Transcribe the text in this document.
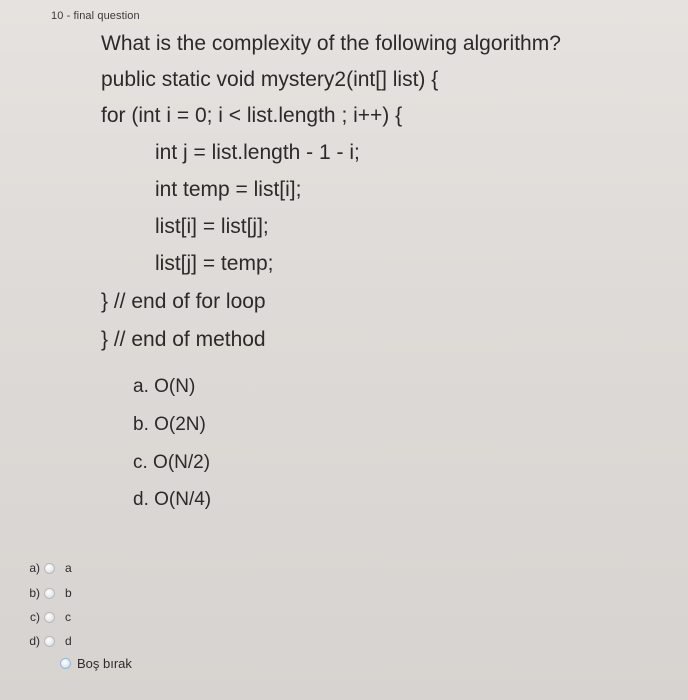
10 - final question
What is the complexity of the following algorithm?
public static void mystery2(int[] list) {
for (int i = 0; i < list.length ; i++) {
int j = list.length - 1 - i;
int temp = list[i];
list[i] = list[j];
list[j] = temp;
} // end of for loop
} // end of method
a. O(N)
b. O(2N)
c. O(N/2)
d. O(N/4)
a) a
b) b
c) c
d) d
Boş bırak
